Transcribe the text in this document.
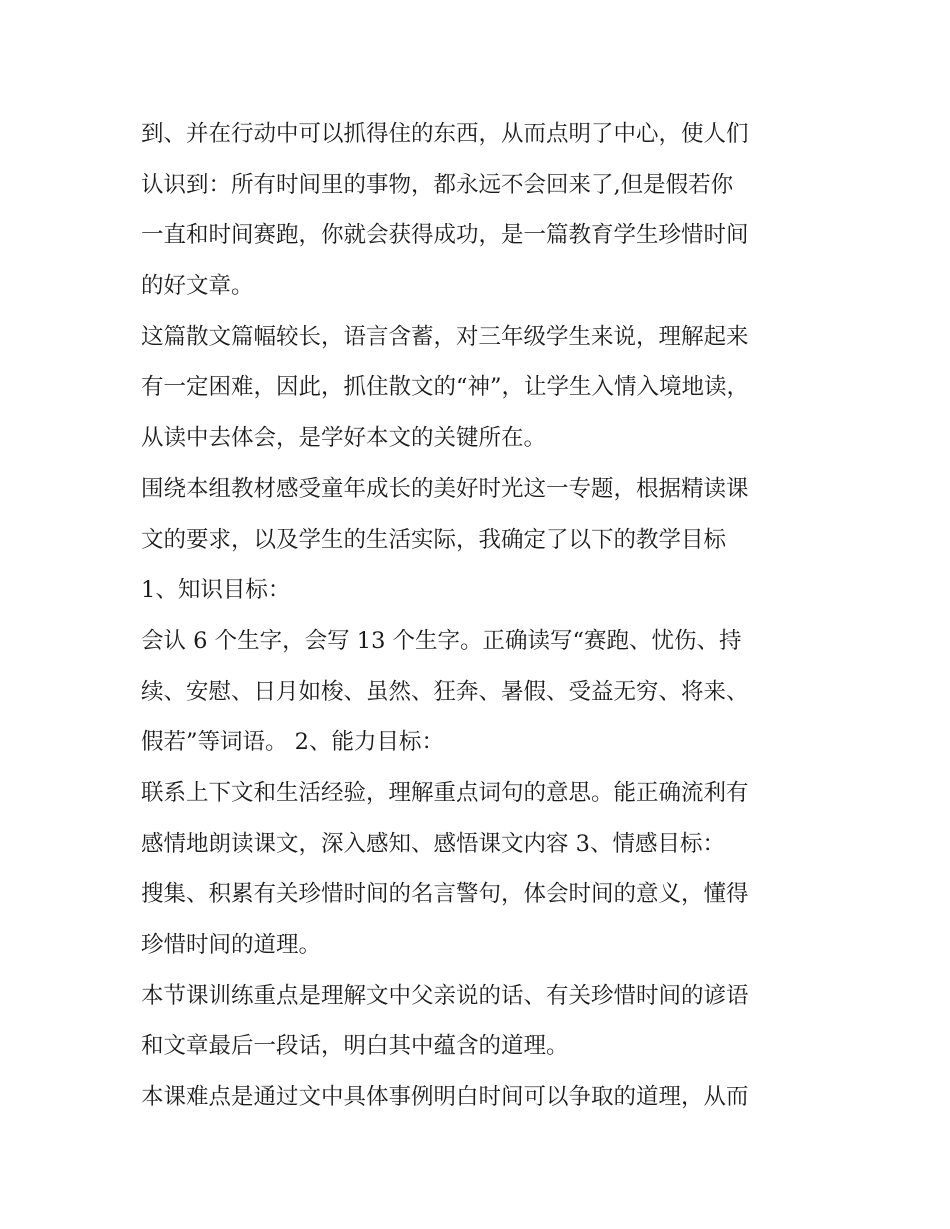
到、并在行动中可以抓得住的东西，从而点明了中心，使人们
认识到：所有时间里的事物，都永远不会回来了,但是假若你
一直和时间赛跑，你就会获得成功，是一篇教育学生珍惜时间
的好文章。
这篇散文篇幅较长，语言含蓄，对三年级学生来说，理解起来
有一定困难，因此，抓住散文的“神”，让学生入情入境地读，
从读中去体会，是学好本文的关键所在。
围绕本组教材感受童年成长的美好时光这一专题，根据精读课
文的要求，以及学生的生活实际，我确定了以下的教学目标
1、知识目标：
会认 6 个生字，会写 13 个生字。正确读写“赛跑、忧伤、持
续、安慰、日月如梭、虽然、狂奔、暑假、受益无穷、将来、
假若”等词语。 2、能力目标：
联系上下文和生活经验，理解重点词句的意思。能正确流利有
感情地朗读课文，深入感知、感悟课文内容 3、情感目标：
搜集、积累有关珍惜时间的名言警句，体会时间的意义，懂得
珍惜时间的道理。
本节课训练重点是理解文中父亲说的话、有关珍惜时间的谚语
和文章最后一段话，明白其中蕴含的道理。
本课难点是通过文中具体事例明白时间可以争取的道理，从而
